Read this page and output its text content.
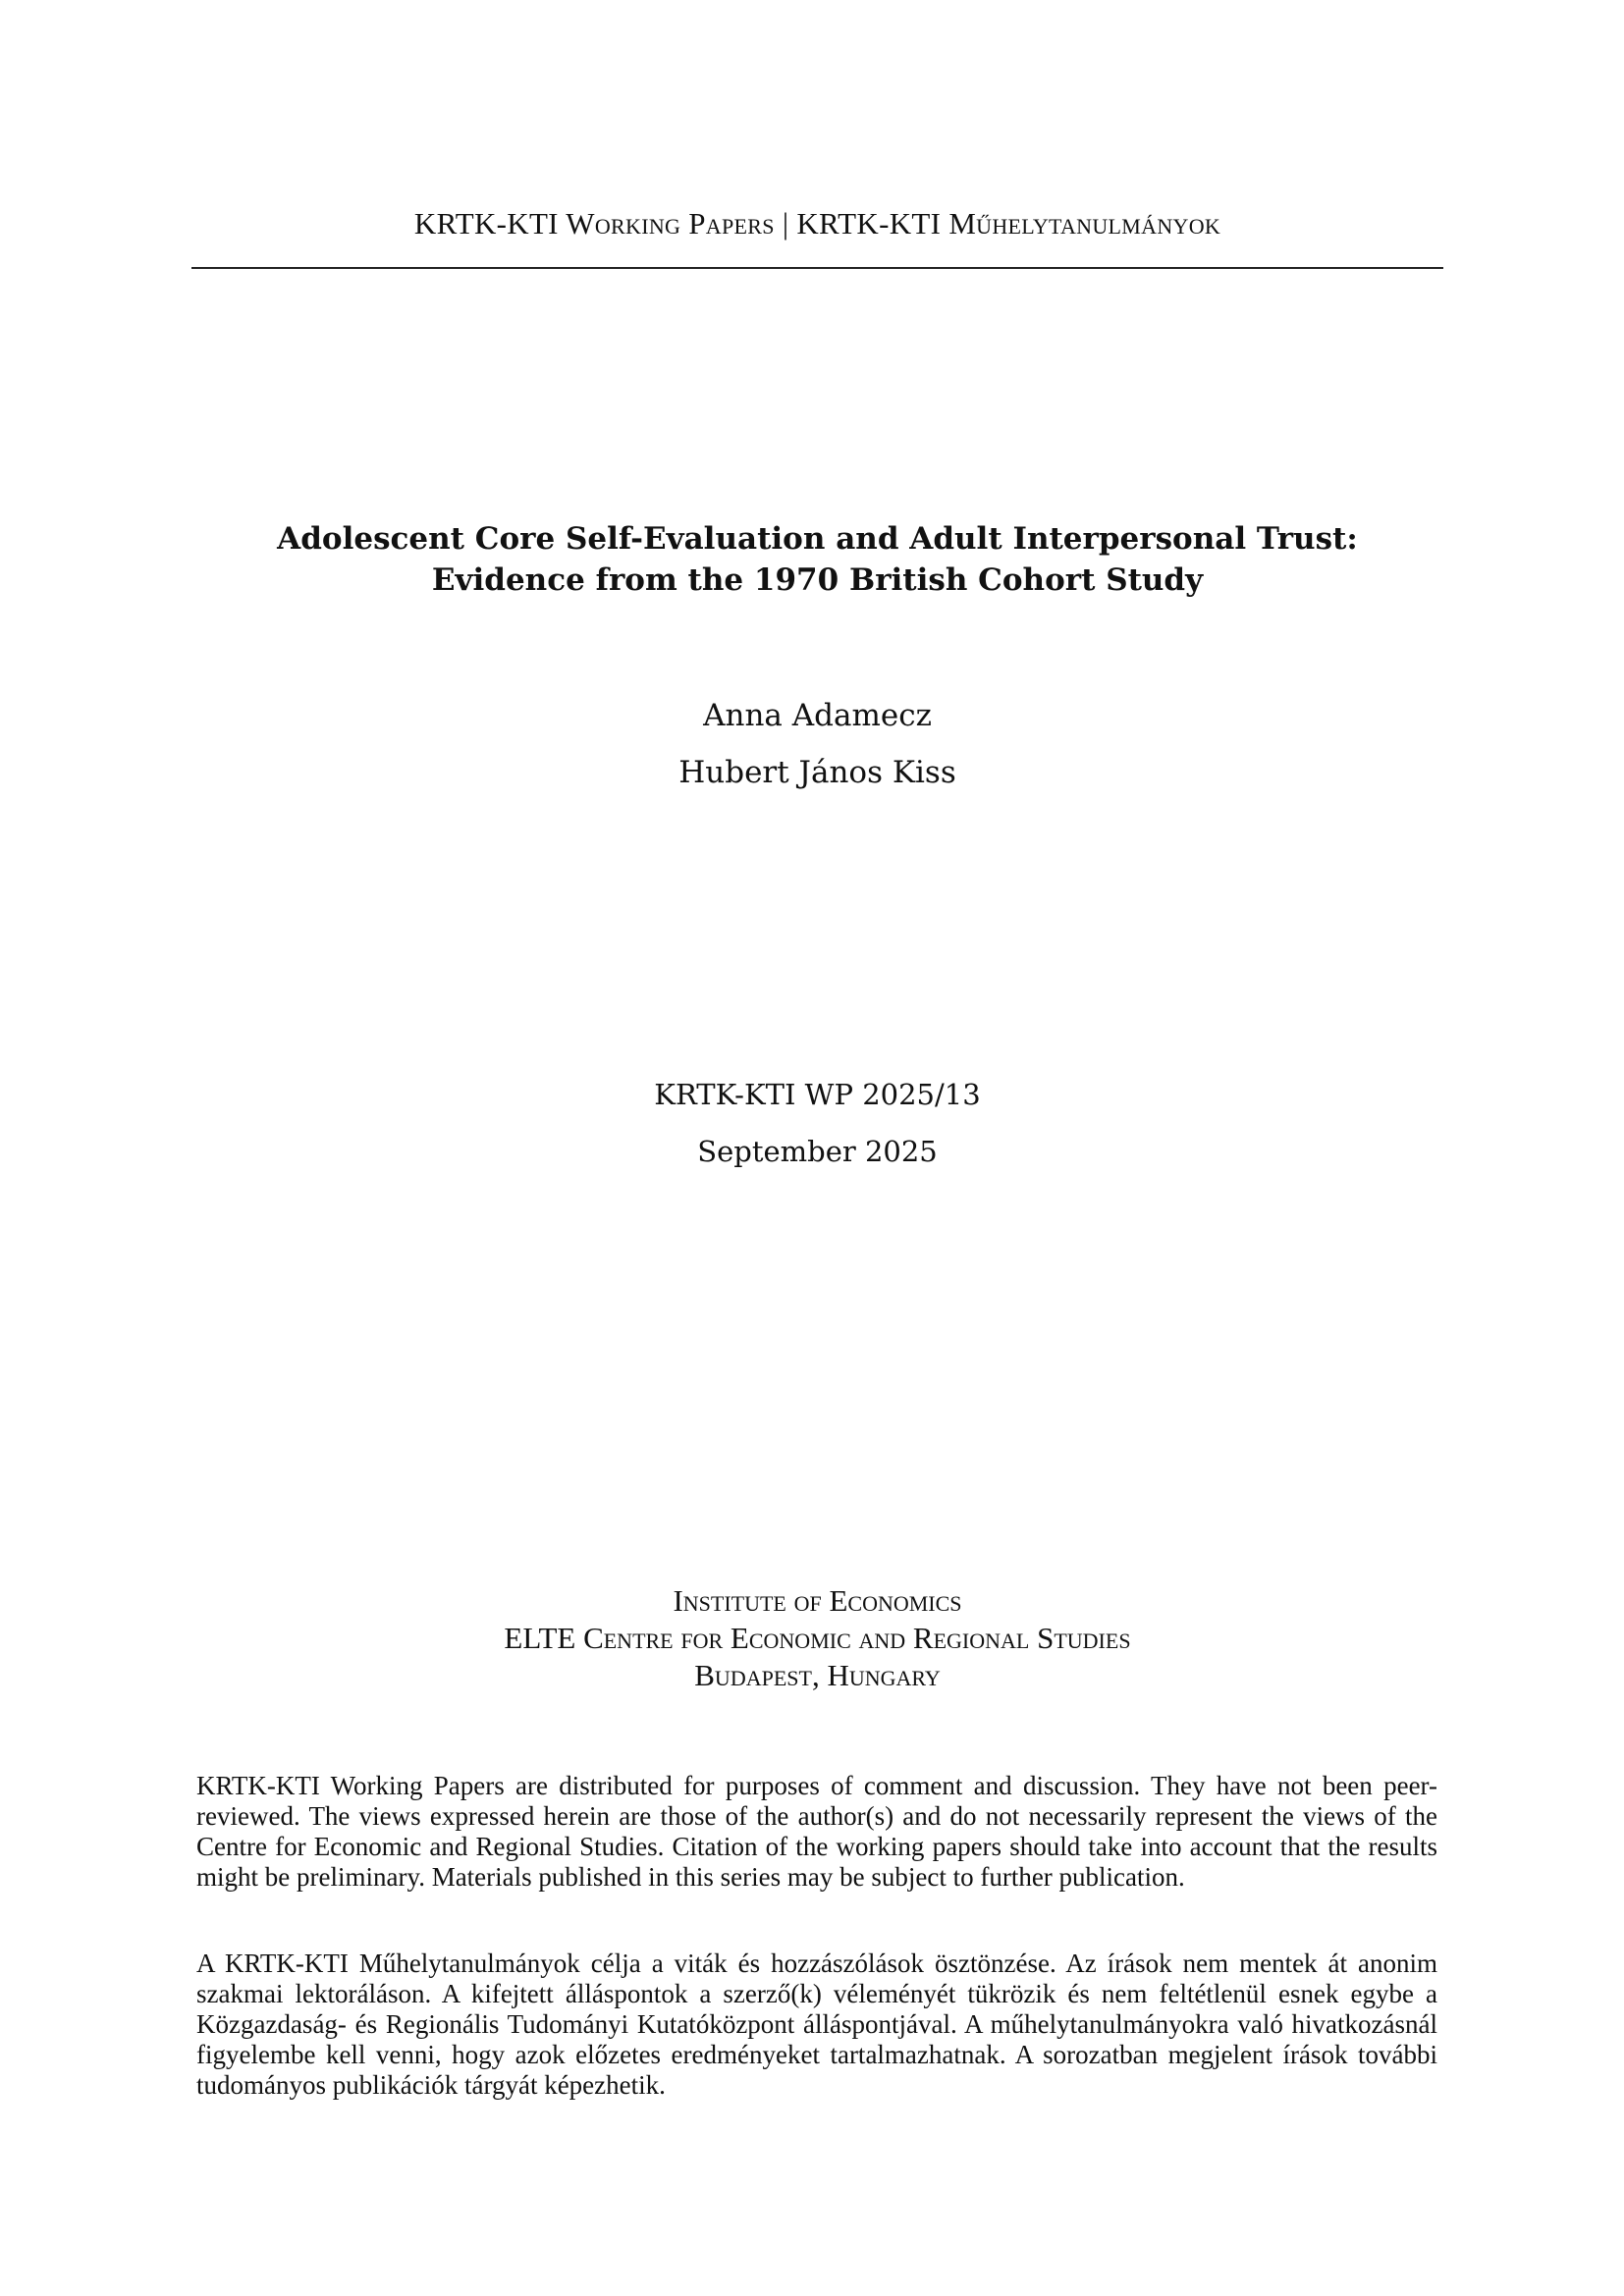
KRTK-KTI Working Papers | KRTK-KTI Műhelytanulmányok
Adolescent Core Self-Evaluation and Adult Interpersonal Trust:
Evidence from the 1970 British Cohort Study
Anna Adamecz
Hubert János Kiss
KRTK-KTI WP 2025/13
September 2025
Institute of Economics
ELTE Centre for Economic and Regional Studies
Budapest, Hungary

KRTK-KTI Working Papers are distributed for purposes of comment and discussion. They have not been peer-reviewed. The views expressed herein are those of the author(s) and do not necessarily represent the views of the Centre for Economic and Regional Studies. Citation of the working papers should take into account that the results might be preliminary. Materials published in this series may be subject to further publication.

A KRTK-KTI Műhelytanulmányok célja a viták és hozzászólások ösztönzése. Az írások nem mentek át anonim szakmai lektoráláson. A kifejtett álláspontok a szerző(k) véleményét tükrözik és nem feltétlenül esnek egybe a Közgazdaság- és Regionális Tudományi Kutatóközpont álláspontjával. A műhelytanulmányokra való hivatkozásnál figyelembe kell venni, hogy azok előzetes eredményeket tartalmazhatnak. A sorozatban megjelent írások további tudományos publikációk tárgyát képezhetik.
